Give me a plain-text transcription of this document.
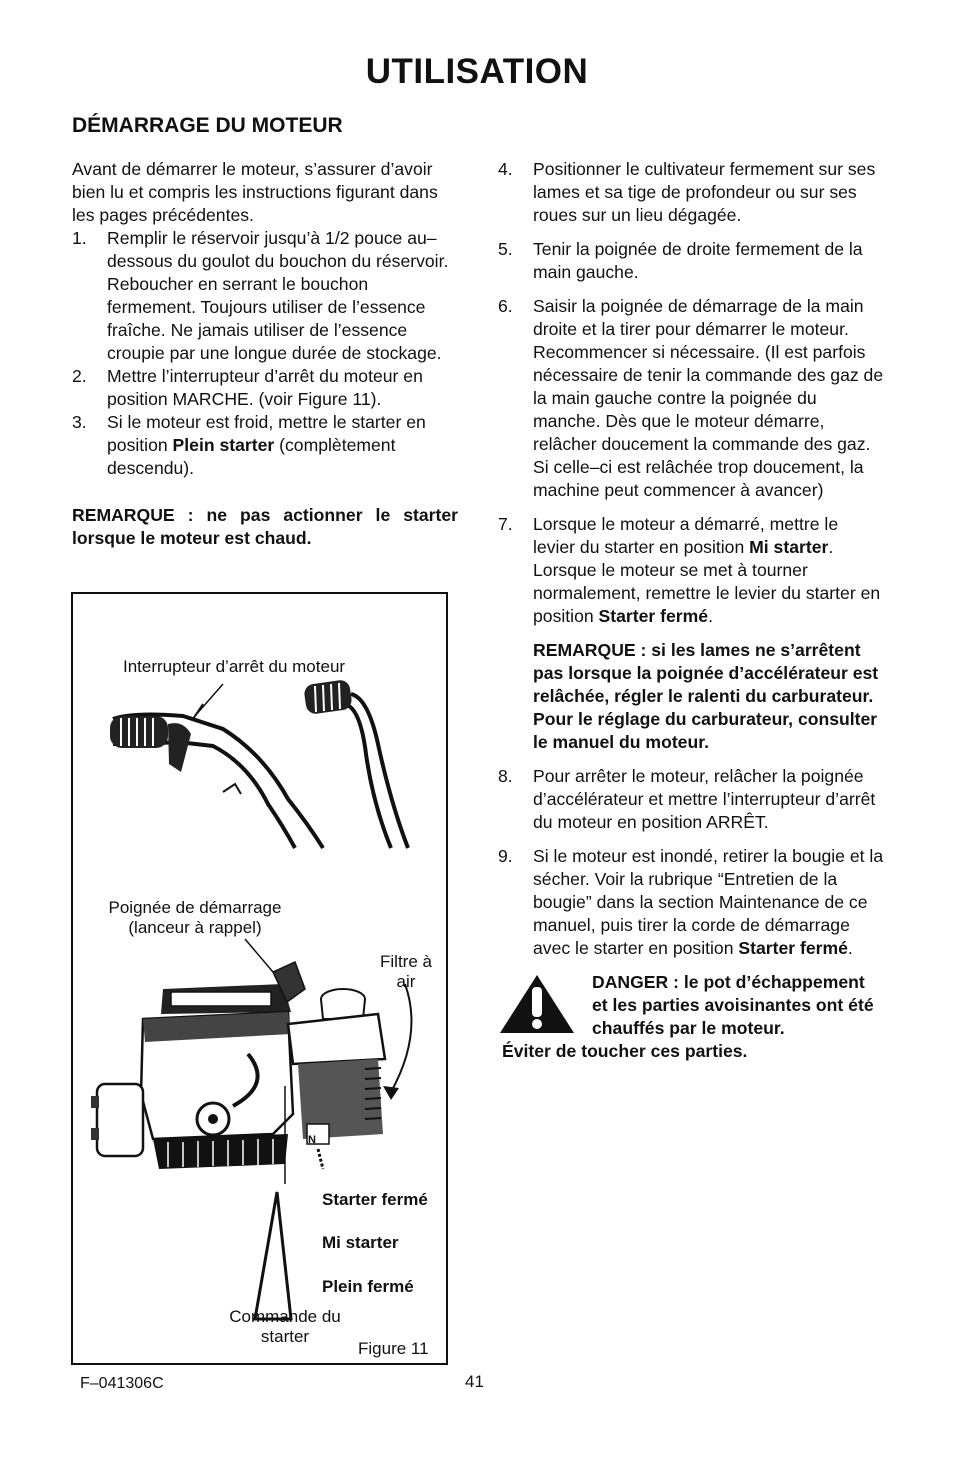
UTILISATION
DÉMARRAGE DU MOTEUR

Avant de démarrer le moteur, s’assurer d’avoir bien lu et compris les instructions figurant dans les pages précédentes.

1. Remplir le réservoir jusqu’à 1/2 pouce au–dessous du goulot du bouchon du réservoir. Reboucher en serrant le bouchon fermement. Toujours utiliser de l’essence fraîche. Ne jamais utiliser de l’essence croupie par une longue durée de stockage.
2. Mettre l’interrupteur d’arrêt du moteur en position MARCHE. (voir Figure 11).
3. Si le moteur est froid, mettre le starter en position Plein starter (complètement descendu).

REMARQUE : ne pas actionner le starter lorsque le moteur est chaud.

Interrupteur d’arrêt du moteur
Poignée de démarrage
(lanceur à rappel)
Filtre à
air
N
Starter fermé
Mi starter
Plein fermé
Commande du
starter
Figure 11
4. Positionner le cultivateur fermement sur ses lames et sa tige de profondeur ou sur ses roues sur un lieu dégagée.
5. Tenir la poignée de droite fermement de la main gauche.
6. Saisir la poignée de démarrage de la main droite et la tirer pour démarrer le moteur. Recommencer si nécessaire. (Il est parfois nécessaire de tenir la commande des gaz de la main gauche contre la poignée du manche. Dès que le moteur démarre, relâcher doucement la commande des gaz. Si celle–ci est relâchée trop doucement, la machine peut commencer à avancer)
7. Lorsque le moteur a démarré, mettre le levier du starter en position Mi starter. Lorsque le moteur se met à tourner normalement, remettre le levier du starter en position Starter fermé.
REMARQUE : si les lames ne s’arrêtent pas lorsque la poignée d’accélérateur est relâchée, régler le ralenti du carburateur. Pour le réglage du carburateur, consulter le manuel du moteur.
8. Pour arrêter le moteur, relâcher la poignée d’accélérateur et mettre l’interrupteur d’arrêt du moteur en position ARRÊT.
9. Si le moteur est inondé, retirer la bougie et la sécher. Voir la rubrique “Entretien de la bougie” dans la section Maintenance de ce manuel, puis tirer la corde de démarrage avec le starter en position Starter fermé.
DANGER : le pot d’échappement et les parties avoisinantes ont été chauffés par le moteur.
Éviter de toucher ces parties.
F–041306C	41
